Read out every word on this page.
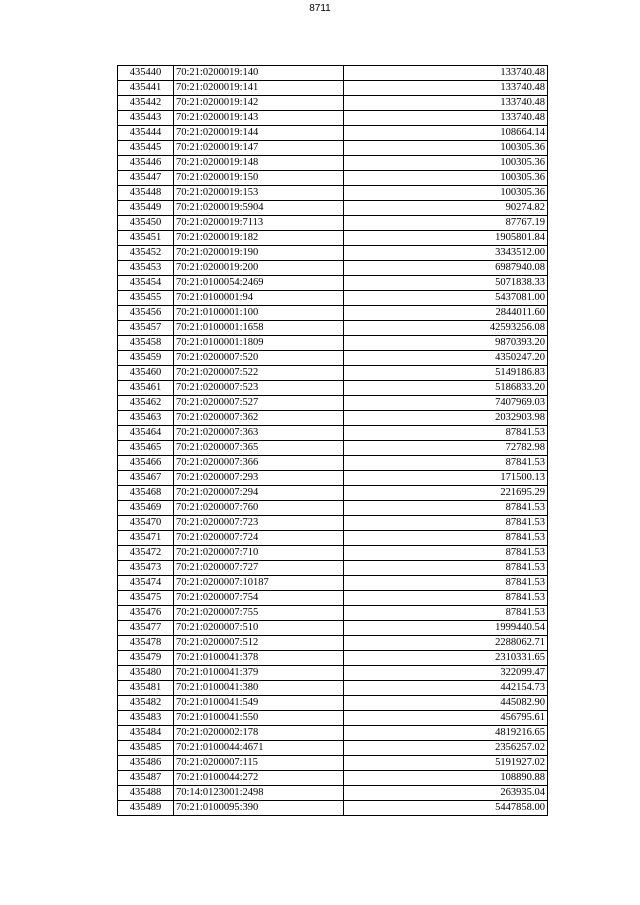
8711
435440	70:21:0200019:140	133740.48
435441	70:21:0200019:141	133740.48
435442	70:21:0200019:142	133740.48
435443	70:21:0200019:143	133740.48
435444	70:21:0200019:144	108664.14
435445	70:21:0200019:147	100305.36
435446	70:21:0200019:148	100305.36
435447	70:21:0200019:150	100305.36
435448	70:21:0200019:153	100305.36
435449	70:21:0200019:5904	90274.82
435450	70:21:0200019:7113	87767.19
435451	70:21:0200019:182	1905801.84
435452	70:21:0200019:190	3343512.00
435453	70:21:0200019:200	6987940.08
435454	70:21:0100054:2469	5071838.33
435455	70:21:0100001:94	5437081.00
435456	70:21:0100001:100	2844011.60
435457	70:21:0100001:1658	42593256.08
435458	70:21:0100001:1809	9870393.20
435459	70:21:0200007:520	4350247.20
435460	70:21:0200007:522	5149186.83
435461	70:21:0200007:523	5186833.20
435462	70:21:0200007:527	7407969.03
435463	70:21:0200007:362	2032903.98
435464	70:21:0200007:363	87841.53
435465	70:21:0200007:365	72782.98
435466	70:21:0200007:366	87841.53
435467	70:21:0200007:293	171500.13
435468	70:21:0200007:294	221695.29
435469	70:21:0200007:760	87841.53
435470	70:21:0200007:723	87841.53
435471	70:21:0200007:724	87841.53
435472	70:21:0200007:710	87841.53
435473	70:21:0200007:727	87841.53
435474	70:21:0200007:10187	87841.53
435475	70:21:0200007:754	87841.53
435476	70:21:0200007:755	87841.53
435477	70:21:0200007:510	1999440.54
435478	70:21:0200007:512	2288062.71
435479	70:21:0100041:378	2310331.65
435480	70:21:0100041:379	322099.47
435481	70:21:0100041:380	442154.73
435482	70:21:0100041:549	445082.90
435483	70:21:0100041:550	456795.61
435484	70:21:0200002:178	4819216.65
435485	70:21:0100044:4671	2356257.02
435486	70:21:0200007:115	5191927.02
435487	70:21:0100044:272	108890.88
435488	70:14:0123001:2498	263935.04
435489	70:21:0100095:390	5447858.00
